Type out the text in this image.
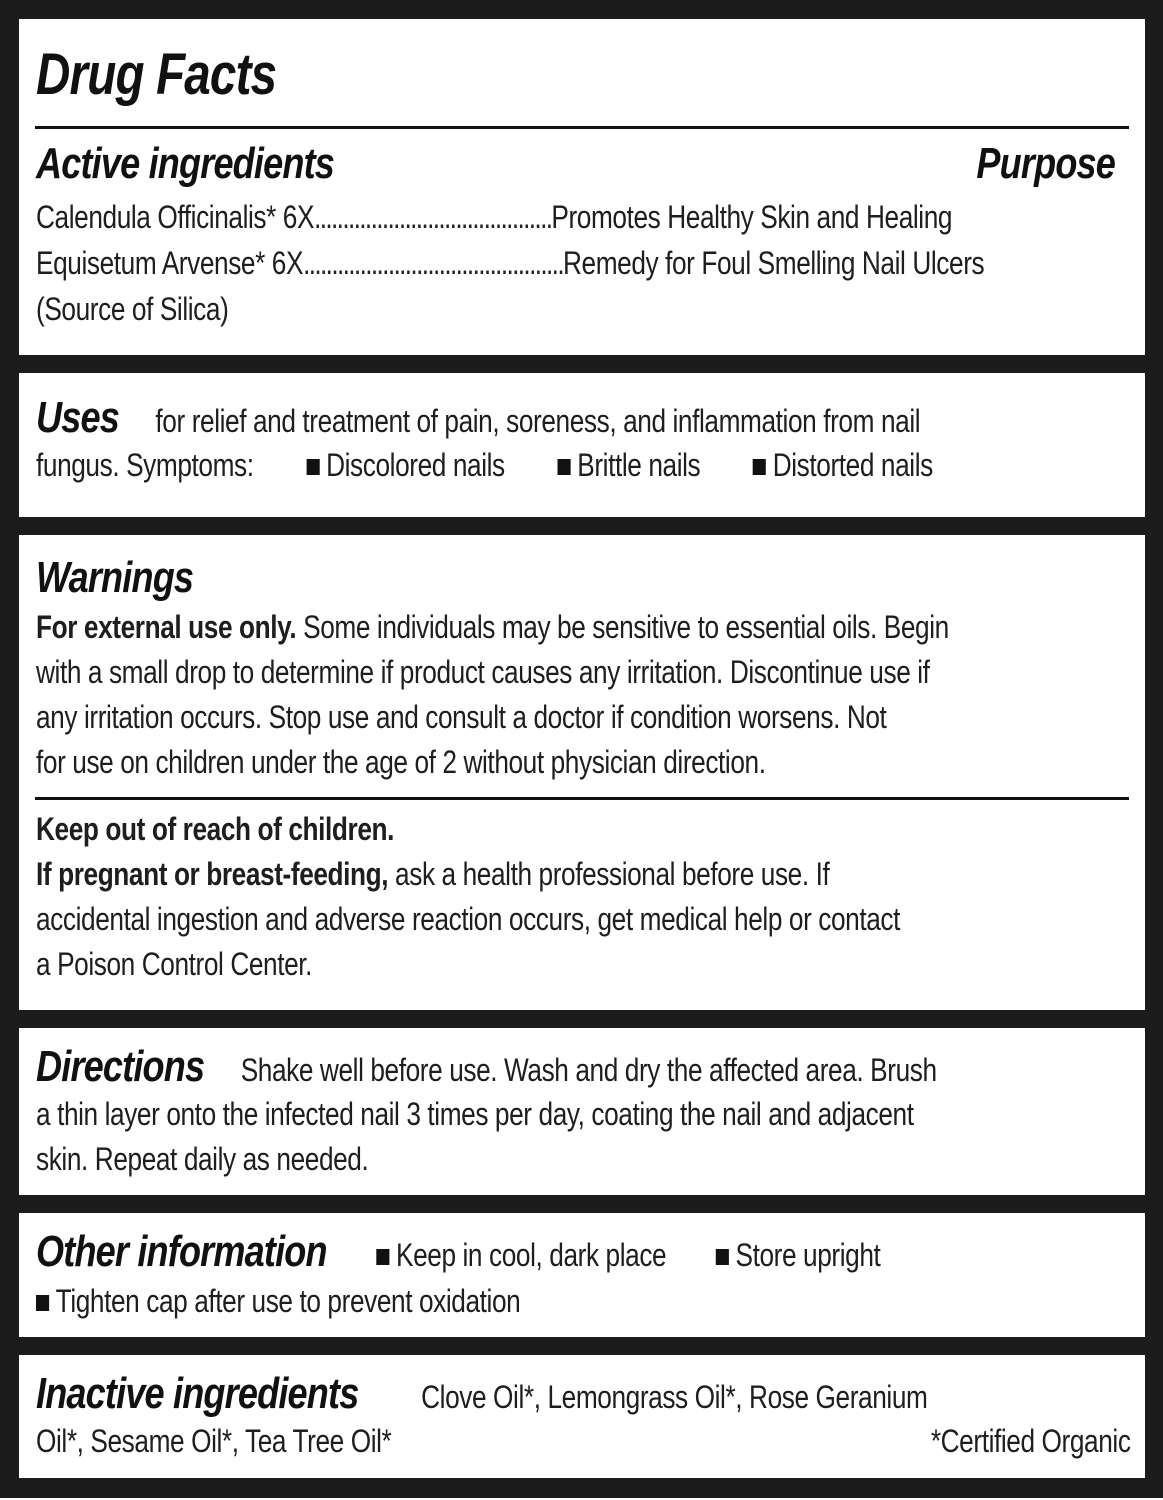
Drug Facts
Active ingredients	Purpose
Calendula Officinalis* 6X..........................................Promotes Healthy Skin and Healing
Equisetum Arvense* 6X..............................................Remedy for Foul Smelling Nail Ulcers
(Source of Silica)
Uses for relief and treatment of pain, soreness, and inflammation from nail
fungus. Symptoms: Discolored nails Brittle nails Distorted nails
Warnings
For external use only. Some individuals may be sensitive to essential oils. Begin
with a small drop to determine if product causes any irritation. Discontinue use if
any irritation occurs. Stop use and consult a doctor if condition worsens. Not
for use on children under the age of 2 without physician direction.
Keep out of reach of children.
If pregnant or breast-feeding, ask a health professional before use. If
accidental ingestion and adverse reaction occurs, get medical help or contact
a Poison Control Center.
Directions Shake well before use. Wash and dry the affected area. Brush
a thin layer onto the infected nail 3 times per day, coating the nail and adjacent
skin. Repeat daily as needed.
Other information Keep in cool, dark place Store upright
Tighten cap after use to prevent oxidation
Inactive ingredients Clove Oil*, Lemongrass Oil*, Rose Geranium
Oil*, Sesame Oil*, Tea Tree Oil*	*Certified Organic
